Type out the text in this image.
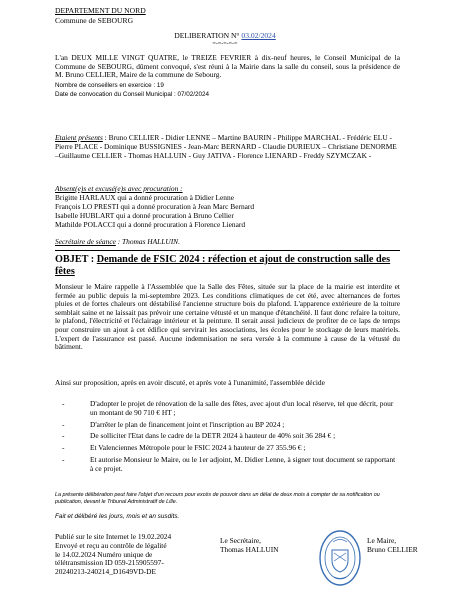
DEPARTEMENT DU NORD
Commune de SEBOURG
DELIBERATION N° 03.02/2024
=-=-=-=-=
L'an DEUX MILLE VINGT QUATRE, le TREIZE FEVRIER à dix-neuf heures, le Conseil Municipal de la Commune de SEBOURG, dûment convoqué, s'est réuni à la Mairie dans la salle du conseil, sous la présidence de M. Bruno CELLIER, Maire de la commune de Sebourg.
Nombre de conseillers en exercice : 19
Date de convocation du Conseil Municipal : 07/02/2024
Etaient présents : Bruno CELLIER - Didier LENNE – Martine BAURIN - Philippe MARCHAL - Frédéric ELU - Pierre PLACE - Dominique BUSSIGNIES - Jean-Marc BERNARD - Claudie DURIEUX – Christiane DENORME –Guillaume CELLIER - Thomas HALLUIN - Guy JATIVA - Florence LIENARD - Freddy SZYMCZAK -
Absent(e)s et excusé(e)s avec procuration :
Brigitte HARLAUX qui a donné procuration à Didier Lenne
François LO PRESTI qui a donné procuration à Jean Marc Bernard
Isabelle HUBLART qui a donné procuration à Bruno Cellier
Mathilde POLACCI qui a donné procuration à Florence Lienard
Secrétaire de séance : Thomas HALLUIN.
OBJET : Demande de FSIC 2024 : réfection et ajout de construction salle des fêtes
Monsieur le Maire rappelle à l'Assemblée que la Salle des Fêtes, située sur la place de la mairie est interdite et fermée au public depuis la mi-septembre 2023. Les conditions climatiques de cet été, avec alternances de fortes pluies et de fortes chaleurs ont déstabilisé l'ancienne structure bois du plafond. L'apparence extérieure de la toiture semblait saine et ne laissait pas prévoir une certaine vétusté et un manque d'étanchéité. Il faut donc refaire la toiture, le plafond, l'électricité et l'éclairage intérieur et la peinture. Il serait aussi judicieux de profiter de ce laps de temps pour construire un ajout à cet édifice qui servirait les associations, les écoles pour le stockage de leurs matériels. L'expert de l'assurance est passé. Aucune indemnisation ne sera versée à la commune à cause de la vétusté du bâtiment.
Ainsi sur proposition, après en avoir discuté, et après vote à l'unanimité, l'assemblée décide
-	D'adopter le projet de rénovation de la salle des fêtes, avec ajout d'un local réserve, tel que décrit, pour un montant de 90 710 € HT ;
-	D'arrêter le plan de financement joint et l'inscription au BP 2024 ;
-	De solliciter l'Etat dans le cadre de la DETR 2024 à hauteur de 40% soit 36 284 € ;
-	Et Valenciennes Métropole pour le FSIC 2024 à hauteur de 27 355.96 € ;
-	Et autorise Monsieur le Maire, ou le 1er adjoint, M. Didier Lenne, à signer tout document se rapportant à ce projet.
La présente délibération peut faire l'objet d'un recours pour excès de pouvoir dans un délai de deux mois à compter de sa notification ou publication, devant le Tribunal Administratif de Lille.
Fait et délibéré les jours, mois et an susdits.
Publié sur le site Internet le 19.02.2024
Envoyé et reçu au contrôle de légalité
le 14.02.2024 Numéro unique de
télétransmission ID 059-215905597-
20240213-240214_D1649VD-DE
Le Secrétaire,
Thomas HALLUIN
Le Maire,
Bruno CELLIER
